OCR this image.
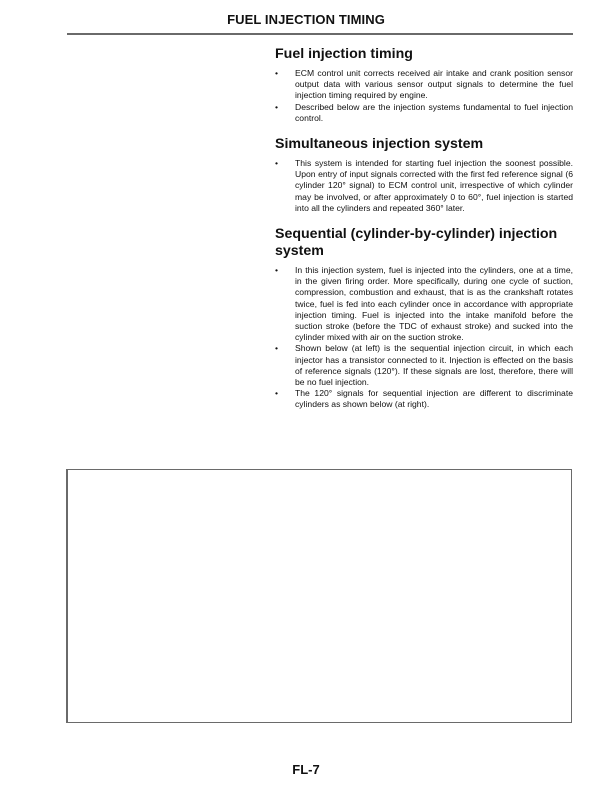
FUEL INJECTION TIMING
Fuel injection timing
• ECM control unit corrects received air intake and crank position sensor output data with various sensor output signals to determine the fuel injection timing required by engine.
• Described below are the injection systems fundamental to fuel injection control.
Simultaneous injection system
• This system is intended for starting fuel injection the soonest possible. Upon entry of input signals corrected with the first fed reference signal (6 cylinder 120° signal) to ECM control unit, irrespective of which cylinder may be involved, or after approximately 0 to 60°, fuel injection is started into all the cylinders and repeated 360° later.
Sequential (cylinder-by-cylinder) injection system
• In this injection system, fuel is injected into the cylinders, one at a time, in the given firing order. More specifically, during one cycle of suction, compression, combustion and exhaust, that is as the crankshaft rotates twice, fuel is fed into each cylinder once in accordance with appropriate injection timing. Fuel is injected into the intake manifold before the suction stroke (before the TDC of exhaust stroke) and sucked into the cylinder mixed with air on the suction stroke.
• Shown below (at left) is the sequential injection circuit, in which each injector has a transistor connected to it. Injection is effected on the basis of reference signals (120°). If these signals are lost, therefore, there will be no fuel injection.
• The 120° signals for sequential injection are different to discriminate cylinders as shown below (at right).
FL-7
